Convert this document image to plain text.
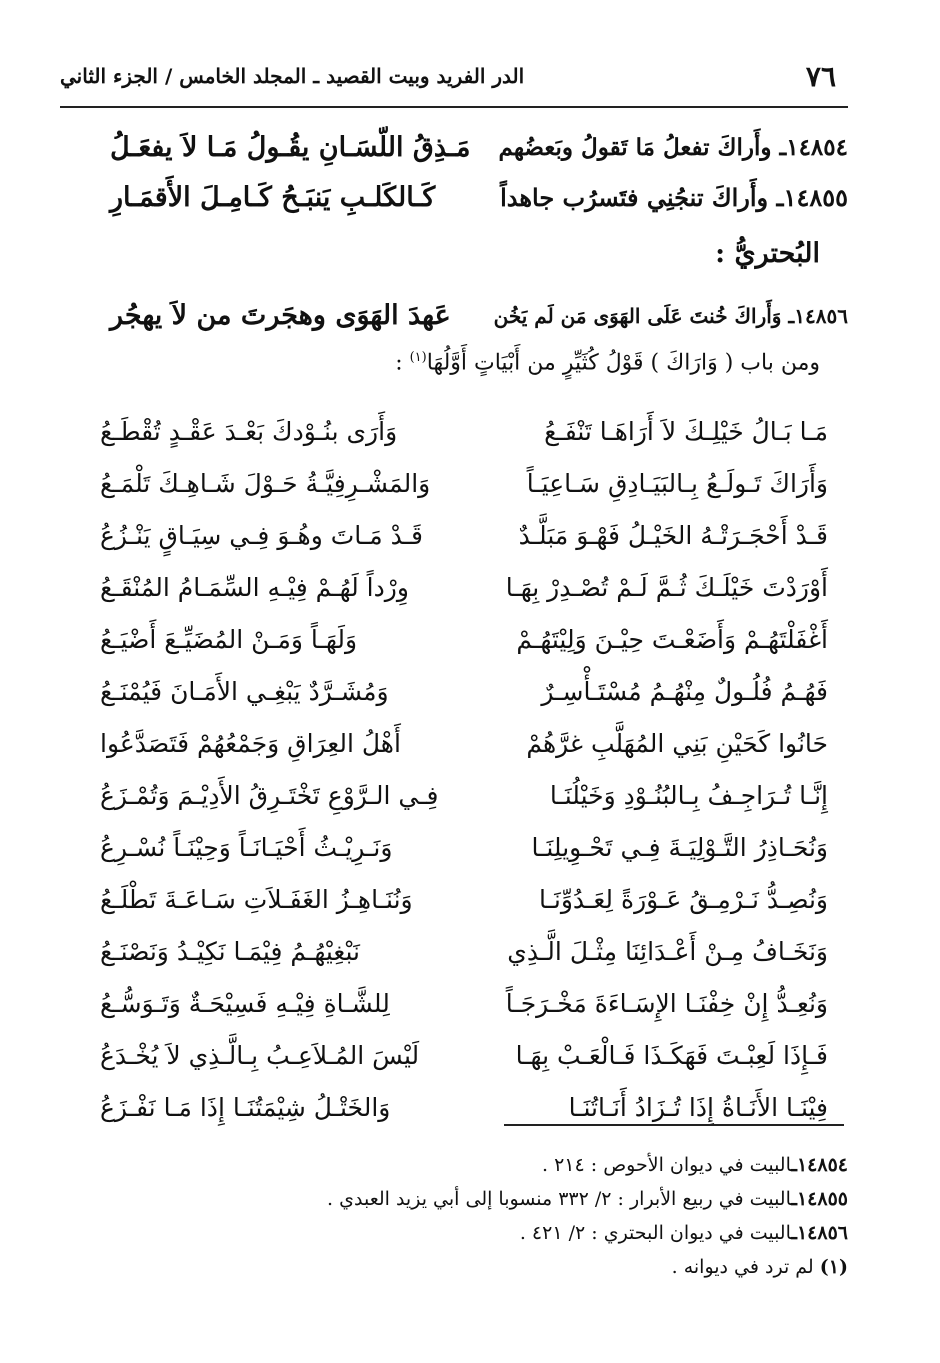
٧٦
الدر الفريد وبيت القصيد ـ المجلد الخامس / الجزء الثاني
١٤٨٥٤ـ وأَراكَ تفعلُ مَا تَقولُ وبَعضُهم
مَـذِقُ اللّسَـانِ يقُـولُ مَـا لاَ يفعَـلُ
١٤٨٥٥ـ وأَراكَ تنجُنِي فتَسرُب جاهداً
كَـالكَلـبِ يَنبَـحُ كَـامِـلَ الأَقمَـارِ
البُحتريُّ :
١٤٨٥٦ـ وَأَراكَ خُنتَ عَلَى الهَوَى مَن لَم يَخُن
عَهدَ الهَوَى وهجَرتَ من لاَ يهجُر
ومن باب ( وَارَاكَ ) قَوْلُ كُثَيِّرٍ من أَبْيَاتٍ أَوَّلُهَا$^{(١)}$ :
مَـا بَـالُ خَيْلِـكَ لاَ أَرَاهَـا تَنْفَـعُ
وَأَرَى بنُـوْدكَ بَعْـدَ عَقْـدٍ تُقْطَـعُ
وَأَرَاكَ تَـولَـعُ بِـالبَيَـادِقِ سَـاعِيَـاً
وَالمَشْـرِفِيَّـةُ حَـوْلَ شَـاهِـكَ تَلْمَـعُ
قَـدْ أَحْجَـرَتْـهُ الخَيْـلُ فَهْـوَ مَبَلَّـدٌ
قَـدْ مَـاتَ وهُـوَ فِـي سِيَـاقٍ يَنْـزُعُ
أَوْرَدْتَ خَيْلَـكَ ثُـمَّ لَـمْ تُصْـدِرْ بِهَـا
وِرْداً لَهُـمْ فِيْـهِ السِّمَـامُ المُنْقَـعُ
أَغْفَلْتَهُـمْ وَأَضَعْـتَ حِيْـنَ وَلِيْتَهُـمْ
وَلَهَـاً وَمَـنْ المُضَيِّـعَ أَضْيَـعُ
فَهُـمُ فُلُـولٌ مِنْهُـمُ مُسْتَـأْسِـرٌ
وَمُشَـرَّدٌ يَبْغِـي الأَمَـانَ فَيُمْنَـعُ
حَانُوا كَحَيْنِ بَنِي المُهَلَّبِ غرَّهُمْ
أَهْلُ العِرَاقِ وَجَمْعُهُمْ فَتَصَدَّعُوا
إِنَّـا تُـرَاجِـفُ بِـالبُنُـوْدِ وَخَيْلُنَـا
فِـي الـرَّوْعِ تَخْتَـرِقُ الأَدِيْـمَ وَتُمْـزَعُ
وَنُحَـاذِرُ التَّـوْلِيَـةَ فِـي تَحْـوِيلِنَـا
وَنَـرِيْـثُ أَحْيَـانَـاً وَحِيْنَـاً نُسْـرِعُ
وَنُصِـدُّ نَـرْمِـقُ عَـوْرَةً لِعَـدُوِّنَـا
وَنُنَـاهِـزُ الغَفَـلاَتِ سَـاعَـةَ تَطْلَـعُ
وَنَخَـافُ مِـنْ أَعْـدَائِنَا مِثْـلَ الَّـذِي
نَبْغِيْهُـمُ فِيْمَـا نَكِيْـدُ وَنَصْنَـعُ
وَنُعِـدُّ إِنْ خِفْنَـا الإِسَـاءَةَ مَخْـرَجَـاً
لِلشَّـاةِ فِيْـهِ فَسِيْحَـةٌ وَتَـوَسُّـعُ
فَـإِذَا لَعِبْـتَ فَهَكَـذَا فَـالْعَـبْ بِهَـا
لَيْسَ المُـلاَعِـبُ بِـالَّـذِي لاَ يُخْـدَعُ
فِيْنَـا الأَنَـاةُ إِذَا تُـزَادُ أَنَـاتُنَـا
وَالخَتْـلُ شِيْمَتُنَـا إِذَا مَـا نَفْـزَعُ
١٤٨٥٤ـالبيت في ديوان الأحوص : ٢١٤ .
١٤٨٥٥ـالبيت في ربيع الأبرار : ٢/ ٣٣٢ منسوبا إلى أبي يزيد العبدي .
١٤٨٥٦ـالبيت في ديوان البحتري : ٢/ ٤٢١ .
(١) لم ترد في ديوانه .
